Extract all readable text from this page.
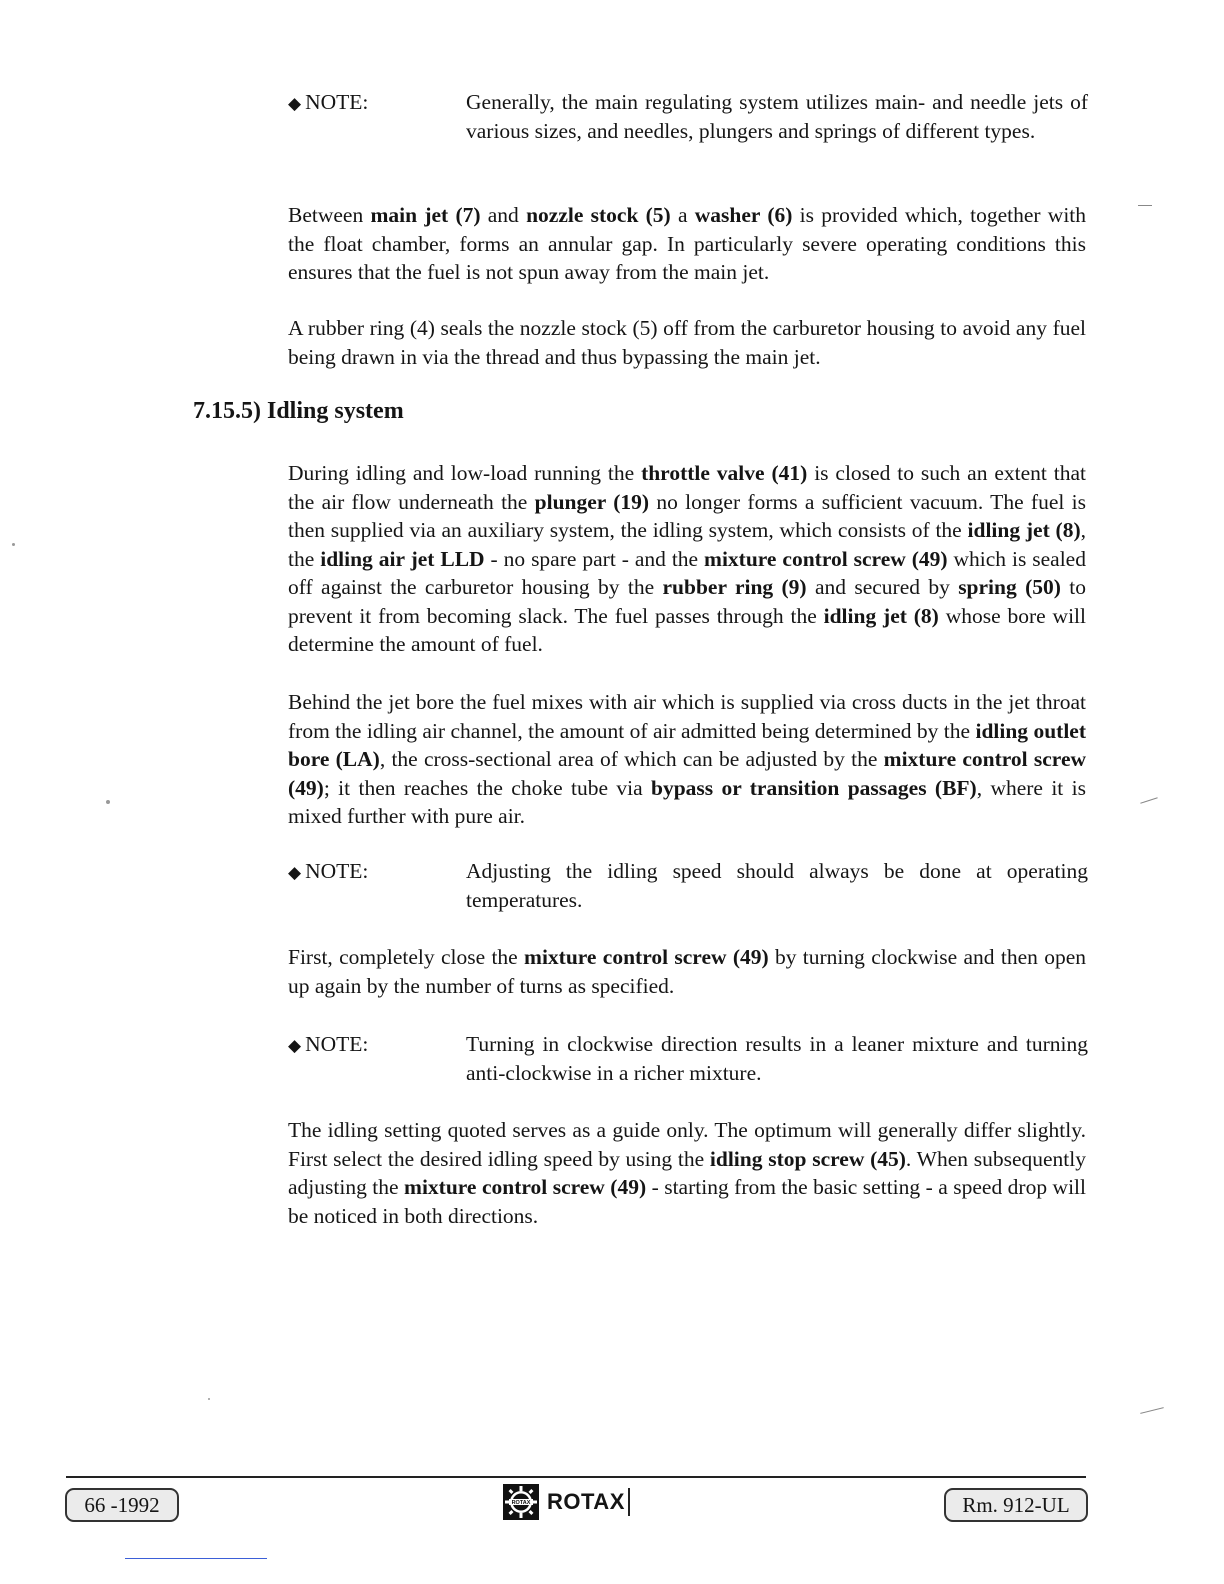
◆ NOTE:	Generally, the main regulating system utilizes main- and needle jets of various sizes, and needles, plungers and springs of different types.
Between main jet (7) and nozzle stock (5) a washer (6) is provided which, together with the float chamber, forms an annular gap. In particularly severe operating conditions this ensures that the fuel is not spun away from the main jet.
A rubber ring (4) seals the nozzle stock (5) off from the carburetor housing to avoid any fuel being drawn in via the thread and thus bypassing the main jet.
7.15.5) Idling system
During idling and low-load running the throttle valve (41) is closed to such an extent that the air flow underneath the plunger (19) no longer forms a sufficient vacuum. The fuel is then supplied via an auxiliary system, the idling system, which consists of the idling jet (8), the idling air jet LLD - no spare part - and the mixture control screw (49) which is sealed off against the carburetor housing by the rubber ring (9) and secured by spring (50) to prevent it from becoming slack. The fuel passes through the idling jet (8) whose bore will determine the amount of fuel.
Behind the jet bore the fuel mixes with air which is supplied via cross ducts in the jet throat from the idling air channel, the amount of air admitted being determined by the idling outlet bore (LA), the cross-sectional area of which can be adjusted by the mixture control screw (49); it then reaches the choke tube via bypass or transition passages (BF), where it is mixed further with pure air.
◆ NOTE:	Adjusting the idling speed should always be done at operating temperatures.
First, completely close the mixture control screw (49) by turning clockwise and then open up again by the number of turns as specified.
◆ NOTE:	Turning in clockwise direction results in a leaner mixture and turning anti-clockwise in a richer mixture.
The idling setting quoted serves as a guide only. The optimum will generally differ slightly. First select the desired idling speed by using the idling stop screw (45). When subsequently adjusting the mixture control screw (49) - starting from the basic setting - a speed drop will be noticed in both directions.
66 -1992	ROTAX ROTAX	Rm. 912-UL
